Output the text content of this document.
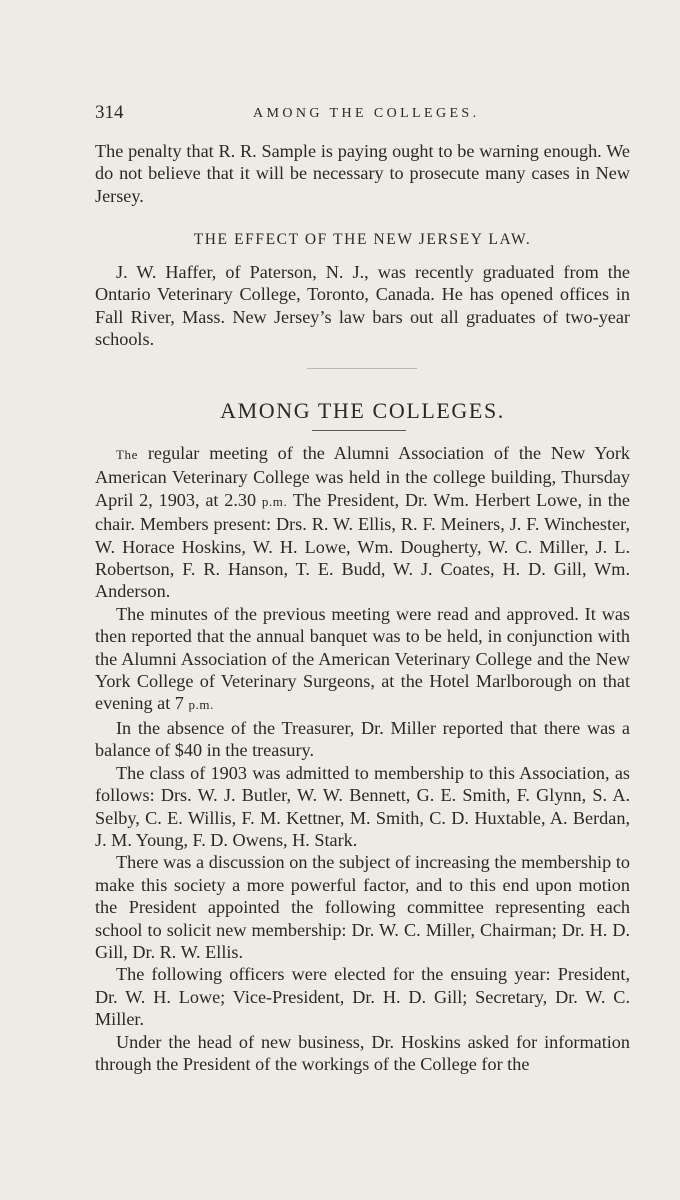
314	AMONG THE COLLEGES.

The penalty that R. R. Sample is paying ought to be warning enough. We do not believe that it will be necessary to prosecute many cases in New Jersey.

THE EFFECT OF THE NEW JERSEY LAW.

J. W. Haffer, of Paterson, N. J., was recently graduated from the Ontario Veterinary College, Toronto, Canada. He has opened offices in Fall River, Mass. New Jersey’s law bars out all graduates of two-year schools.

AMONG THE COLLEGES.

The regular meeting of the Alumni Association of the New York American Veterinary College was held in the college building, Thursday April 2, 1903, at 2.30 p.m. The President, Dr. Wm. Herbert Lowe, in the chair. Members present: Drs. R. W. Ellis, R. F. Meiners, J. F. Winchester, W. Horace Hoskins, W. H. Lowe, Wm. Dougherty, W. C. Miller, J. L. Robertson, F. R. Hanson, T. E. Budd, W. J. Coates, H. D. Gill, Wm. Anderson.

The minutes of the previous meeting were read and approved. It was then reported that the annual banquet was to be held, in conjunction with the Alumni Association of the American Veterinary College and the New York College of Veterinary Surgeons, at the Hotel Marlborough on that evening at 7 p.m.

In the absence of the Treasurer, Dr. Miller reported that there was a balance of $40 in the treasury.

The class of 1903 was admitted to membership to this Association, as follows: Drs. W. J. Butler, W. W. Bennett, G. E. Smith, F. Glynn, S. A. Selby, C. E. Willis, F. M. Kettner, M. Smith, C. D. Huxtable, A. Berdan, J. M. Young, F. D. Owens, H. Stark.

There was a discussion on the subject of increasing the membership to make this society a more powerful factor, and to this end upon motion the President appointed the following committee representing each school to solicit new membership: Dr. W. C. Miller, Chairman; Dr. H. D. Gill, Dr. R. W. Ellis.

The following officers were elected for the ensuing year: President, Dr. W. H. Lowe; Vice-President, Dr. H. D. Gill; Secretary, Dr. W. C. Miller.

Under the head of new business, Dr. Hoskins asked for information through the President of the workings of the College for the
